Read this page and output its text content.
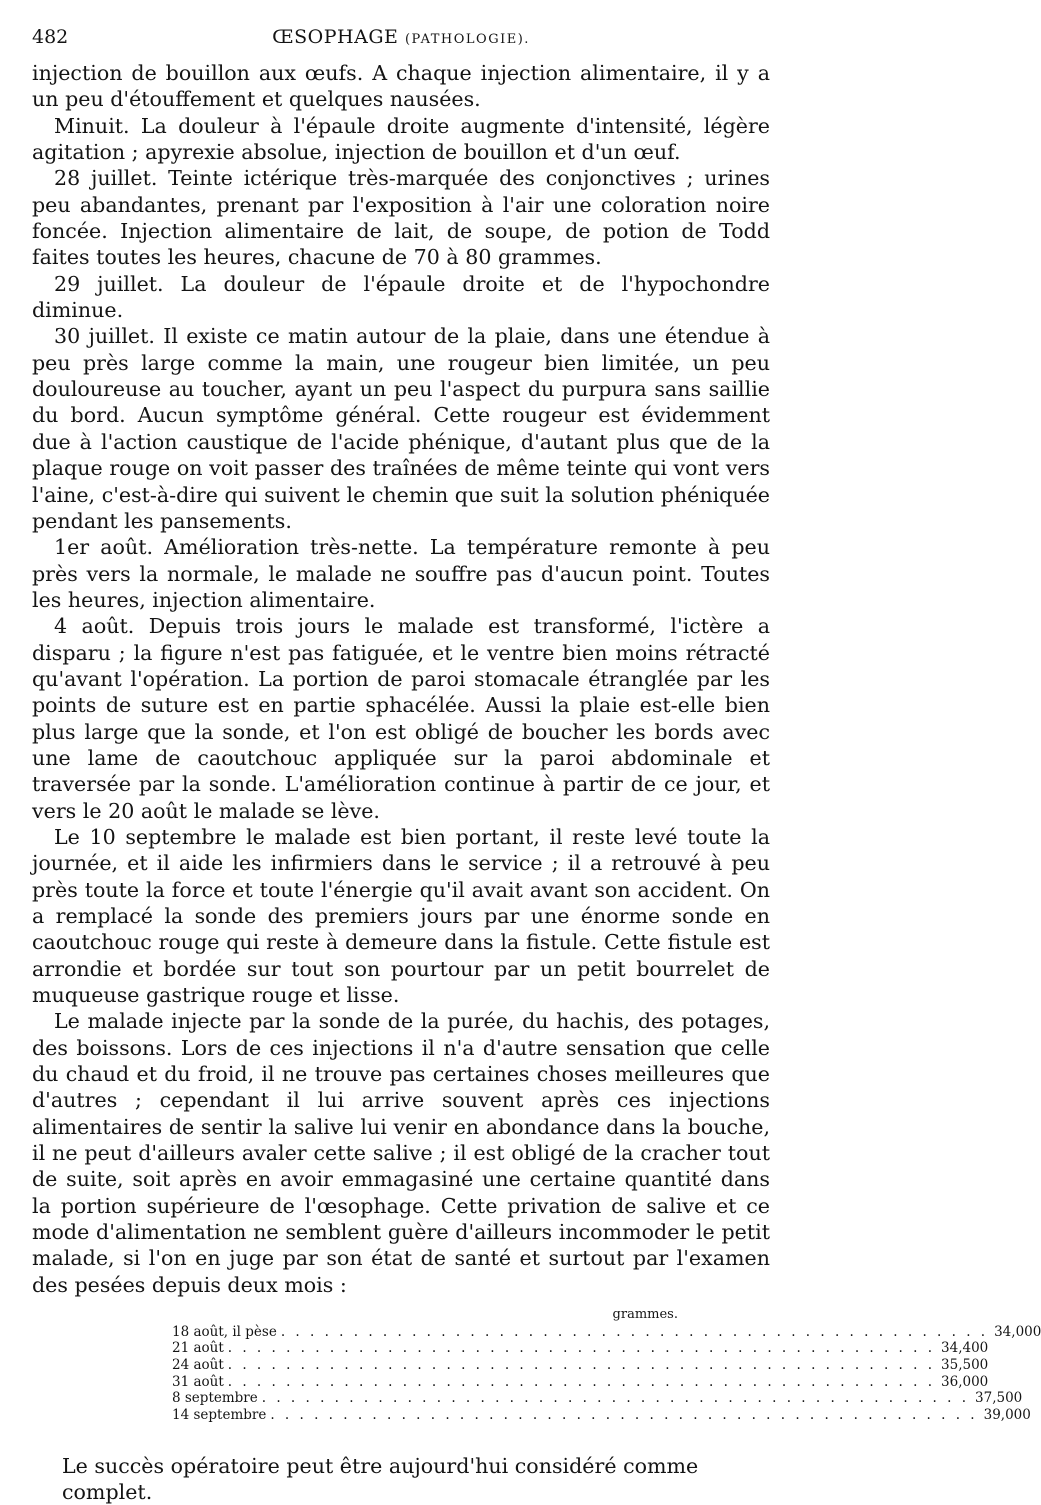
482	ŒSOPHAGE (PATHOLOGIE).

injection de bouillon aux œufs. A chaque injection alimentaire, il y a un peu d'étouffement et quelques nausées.

Minuit. La douleur à l'épaule droite augmente d'intensité, légère agitation ; apyrexie absolue, injection de bouillon et d'un œuf.

28 juillet. Teinte ictérique très-marquée des conjonctives ; urines peu abandantes, prenant par l'exposition à l'air une coloration noire foncée. Injection alimentaire de lait, de soupe, de potion de Todd faites toutes les heures, chacune de 70 à 80 grammes.

29 juillet. La douleur de l'épaule droite et de l'hypochondre diminue.

30 juillet. Il existe ce matin autour de la plaie, dans une étendue à peu près large comme la main, une rougeur bien limitée, un peu douloureuse au toucher, ayant un peu l'aspect du purpura sans saillie du bord. Aucun symptôme général. Cette rougeur est évidemment due à l'action caustique de l'acide phénique, d'autant plus que de la plaque rouge on voit passer des traînées de même teinte qui vont vers l'aine, c'est-à-dire qui suivent le chemin que suit la solution phéniquée pendant les pansements.

1er août. Amélioration très-nette. La température remonte à peu près vers la normale, le malade ne souffre pas d'aucun point. Toutes les heures, injection alimentaire.

4 août. Depuis trois jours le malade est transformé, l'ictère a disparu ; la figure n'est pas fatiguée, et le ventre bien moins rétracté qu'avant l'opération. La portion de paroi stomacale étranglée par les points de suture est en partie sphacélée. Aussi la plaie est-elle bien plus large que la sonde, et l'on est obligé de boucher les bords avec une lame de caoutchouc appliquée sur la paroi abdominale et traversée par la sonde. L'amélioration continue à partir de ce jour, et vers le 20 août le malade se lève.

Le 10 septembre le malade est bien portant, il reste levé toute la journée, et il aide les infirmiers dans le service ; il a retrouvé à peu près toute la force et toute l'énergie qu'il avait avant son accident. On a remplacé la sonde des premiers jours par une énorme sonde en caoutchouc rouge qui reste à demeure dans la fistule. Cette fistule est arrondie et bordée sur tout son pourtour par un petit bourrelet de muqueuse gastrique rouge et lisse.

Le malade injecte par la sonde de la purée, du hachis, des potages, des boissons. Lors de ces injections il n'a d'autre sensation que celle du chaud et du froid, il ne trouve pas certaines choses meilleures que d'autres ; cependant il lui arrive souvent après ces injections alimentaires de sentir la salive lui venir en abondance dans la bouche, il ne peut d'ailleurs avaler cette salive ; il est obligé de la cracher tout de suite, soit après en avoir emmagasiné une certaine quantité dans la portion supérieure de l'œsophage. Cette privation de salive et ce mode d'alimentation ne semblent guère d'ailleurs incommoder le petit malade, si l'on en juge par son état de santé et surtout par l'examen des pesées depuis deux mois :

grammes.
18 août, il pèse . . . . . . . . . . . . . . . . . . . . . . . . . . . . . . . . . . . . . . . . . . . . . . . . . 34,000
21 août . . . . . . . . . . . . . . . . . . . . . . . . . . . . . . . . . . . . . . . . . . . . . . . . . 34,400
24 août . . . . . . . . . . . . . . . . . . . . . . . . . . . . . . . . . . . . . . . . . . . . . . . . . 35,500
31 août . . . . . . . . . . . . . . . . . . . . . . . . . . . . . . . . . . . . . . . . . . . . . . . . . 36,000
8 septembre . . . . . . . . . . . . . . . . . . . . . . . . . . . . . . . . . . . . . . . . . . . . . . . . . 37,500
14 septembre . . . . . . . . . . . . . . . . . . . . . . . . . . . . . . . . . . . . . . . . . . . . . . . . . 39,000
Le succès opératoire peut être aujourd'hui considéré comme complet.
